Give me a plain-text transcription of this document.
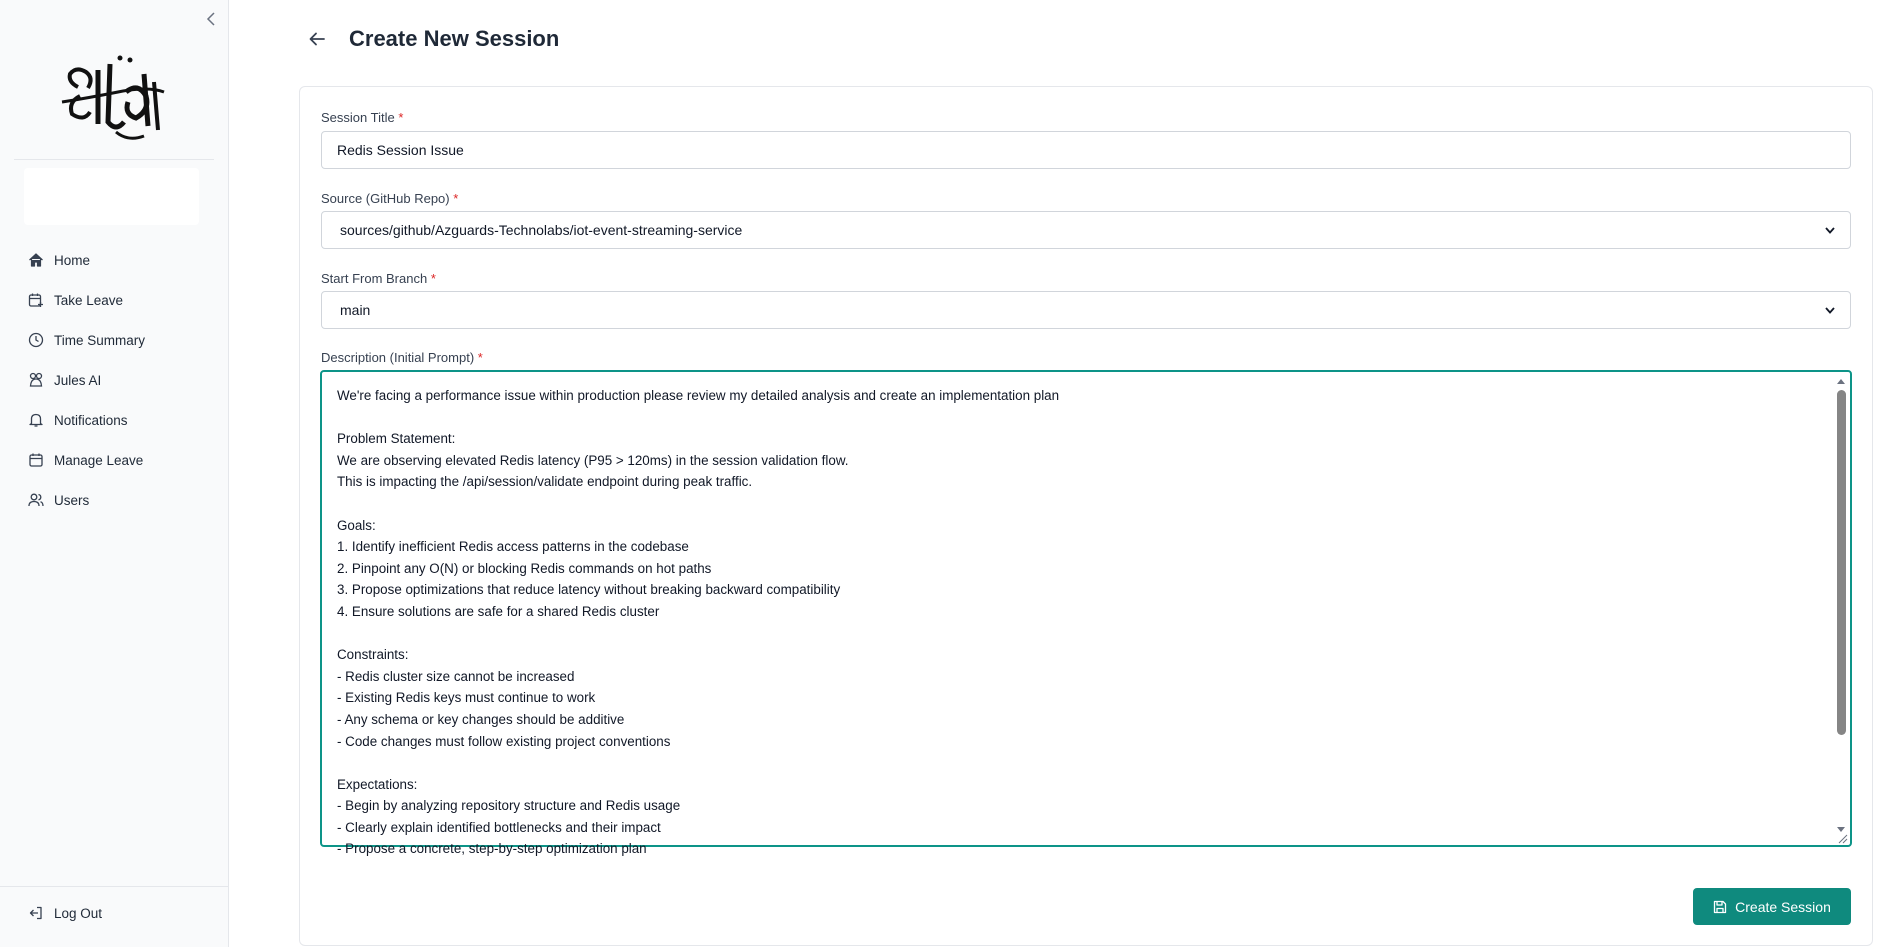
Home
Take Leave
Time Summary
Jules AI
Notifications
Manage Leave
Users
Log Out
Create New Session
Session Title *
Redis Session Issue
Source (GitHub Repo) *
sources/github/Azguards-Technolabs/iot-event-streaming-service
Start From Branch *
main
Description (Initial Prompt) *
We're facing a performance issue within production please review my detailed analysis and create an implementation plan

Problem Statement:
We are observing elevated Redis latency (P95 > 120ms) in the session validation flow.
This is impacting the /api/session/validate endpoint during peak traffic.

Goals:
1. Identify inefficient Redis access patterns in the codebase
2. Pinpoint any O(N) or blocking Redis commands on hot paths
3. Propose optimizations that reduce latency without breaking backward compatibility
4. Ensure solutions are safe for a shared Redis cluster

Constraints:
- Redis cluster size cannot be increased
- Existing Redis keys must continue to work
- Any schema or key changes should be additive
- Code changes must follow existing project conventions

Expectations:
- Begin by analyzing repository structure and Redis usage
- Clearly explain identified bottlenecks and their impact
- Propose a concrete, step-by-step optimization plan
Create Session
